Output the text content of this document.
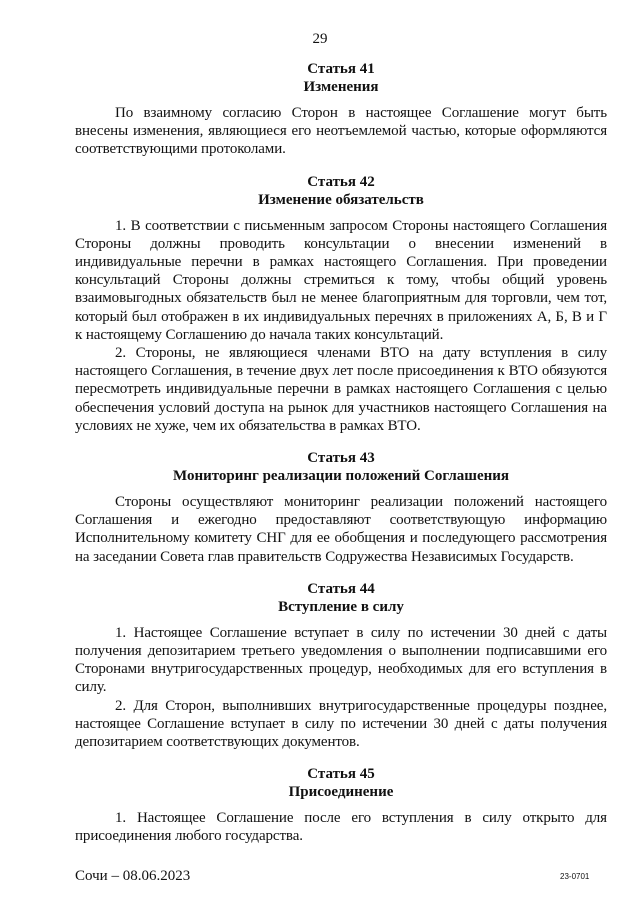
29

Статья 41

Изменения

По взаимному согласию Сторон в настоящее Соглашение могут быть внесены изменения, являющиеся его неотъемлемой частью, которые оформляются соответствующими протоколами.

Статья 42

Изменение обязательств

1. В соответствии с письменным запросом Стороны настоящего Соглашения Стороны должны проводить консультации о внесении изменений в индивидуальные перечни в рамках настоящего Соглашения. При проведении консультаций Стороны должны стремиться к тому, чтобы общий уровень взаимовыгодных обязательств был не менее благоприятным для торговли, чем тот, который был отображен в их индивидуальных перечнях в приложениях А, Б, В и Г к настоящему Соглашению до начала таких консультаций.

2. Стороны, не являющиеся членами ВТО на дату вступления в силу настоящего Соглашения, в течение двух лет после присоединения к ВТО обязуются пересмотреть индивидуальные перечни в рамках настоящего Соглашения с целью обеспечения условий доступа на рынок для участников настоящего Соглашения на условиях не хуже, чем их обязательства в рамках ВТО.

Статья 43

Мониторинг реализации положений Соглашения

Стороны осуществляют мониторинг реализации положений настоящего Соглашения и ежегодно предоставляют соответствующую информацию Исполнительному комитету СНГ для ее обобщения и последующего рассмотрения на заседании Совета глав правительств Содружества Независимых Государств.

Статья 44

Вступление в силу

1. Настоящее Соглашение вступает в силу по истечении 30 дней с даты получения депозитарием третьего уведомления о выполнении подписавшими его Сторонами внутригосударственных процедур, необходимых для его вступления в силу.

2. Для Сторон, выполнивших внутригосударственные процедуры позднее, настоящее Соглашение вступает в силу по истечении 30 дней с даты получения депозитарием соответствующих документов.

Статья 45

Присоединение

1. Настоящее Соглашение после его вступления в силу открыто для присоединения любого государства.

Сочи – 08.06.2023	23-0701
